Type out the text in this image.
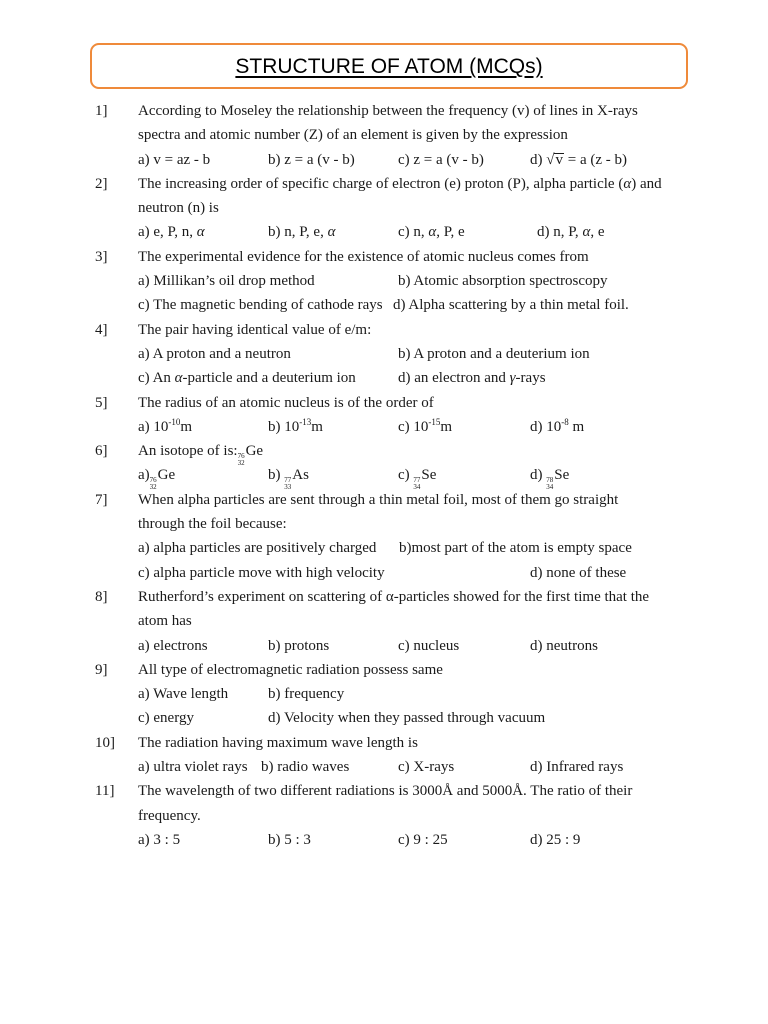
STRUCTURE OF ATOM (MCQs)
1] According to Moseley the relationship between the frequency (v) of lines in X-rays
spectra and atomic number (Z) of an element is given by the expression
a) v = az - b	b) z = a (v - b)	c) z = a (v - b)	d) √v = a (z - b)
2] The increasing order of specific charge of electron (e) proton (P), alpha particle (α) and
neutron (n) is
a) e, P, n, α	b) n, P, e, α	c) n, α, P, e	d) n, P, α, e
3] The experimental evidence for the existence of atomic nucleus comes from
a) Millikan’s oil drop method	b) Atomic absorption spectroscopy
c) The magnetic bending of cathode rays d) Alpha scattering by a thin metal foil.
4] The pair having identical value of e/m:
a) A proton and a neutron	b) A proton and a deuterium ion
c) An α-particle and a deuterium ion	d) an electron and γ-rays
5] The radius of an atomic nucleus is of the order of
a) $10^{-10}m$	b) $10^{-13}m$	c) $10^{-15}m$	d) $10^{-8}$ m
6] An isotope of is: 76
32
Ge
a) 76
32
Ge	b) 77
33
As	c) 77
34
Se	d) 78
34
Se
7] When alpha particles are sent through a thin metal foil, most of them go straight
through the foil because:
a) alpha particles are positively charged b)most part of the atom is empty space
c) alpha particle move with high velocity	d) none of these
8] Rutherford’s experiment on scattering of α-particles showed for the first time that the
atom has
a) electrons	b) protons	c) nucleus	d) neutrons
9] All type of electromagnetic radiation possess same
a) Wave length	b) frequency
c) energy	d) Velocity when they passed through vacuum
10] The radiation having maximum wave length is
a) ultra violet rays b) radio waves	c) X-rays	d) Infrared rays
11] The wavelength of two different radiations is 3000Å and 5000Å. The ratio of their
frequency.
a) 3 : 5	b) 5 : 3	c) 9 : 25	d) 25 : 9
